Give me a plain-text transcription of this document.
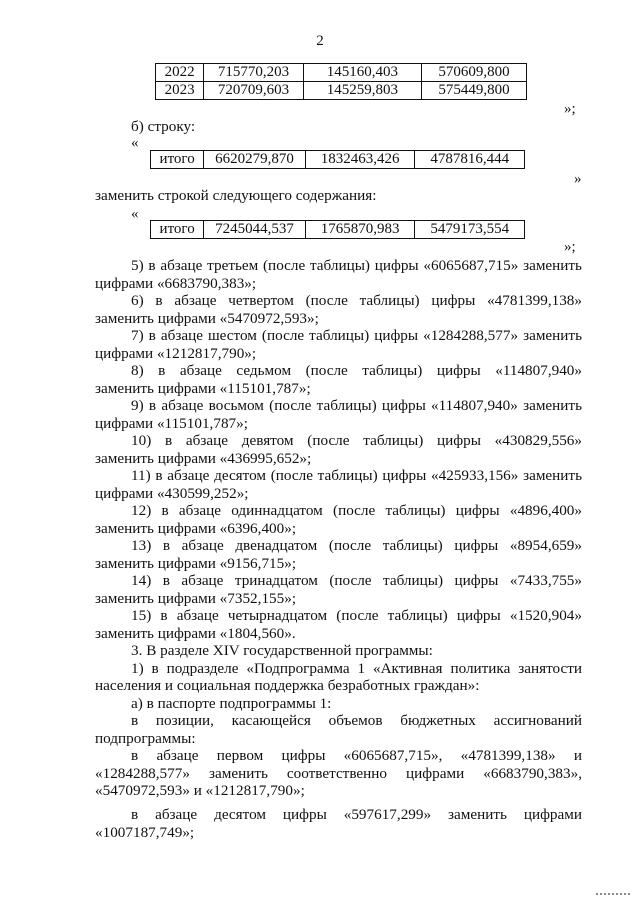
2
2022	715770,203	145160,403	570609,800
2023	720709,603	145259,803	575449,800
»;
б) строку:
«
итого	6620279,870	1832463,426	4787816,444
»
заменить строкой следующего содержания:
«
итого	7245044,537	1765870,983	5479173,554
»;
5) в абзаце третьем (после таблицы) цифры «6065687,715» заменить
цифрами «6683790,383»;
6) в абзаце четвертом (после таблицы) цифры «4781399,138»
заменить цифрами «5470972,593»;
7) в абзаце шестом (после таблицы) цифры «1284288,577» заменить
цифрами «1212817,790»;
8) в абзаце седьмом (после таблицы) цифры «114807,940»
заменить цифрами «115101,787»;
9) в абзаце восьмом (после таблицы) цифры «114807,940» заменить
цифрами «115101,787»;
10) в абзаце девятом (после таблицы) цифры «430829,556»
заменить цифрами «436995,652»;
11) в абзаце десятом (после таблицы) цифры «425933,156» заменить
цифрами «430599,252»;
12) в абзаце одиннадцатом (после таблицы) цифры «4896,400»
заменить цифрами «6396,400»;
13) в абзаце двенадцатом (после таблицы) цифры «8954,659»
заменить цифрами «9156,715»;
14) в абзаце тринадцатом (после таблицы) цифры «7433,755»
заменить цифрами «7352,155»;
15) в абзаце четырнадцатом (после таблицы) цифры «1520,904»
заменить цифрами «1804,560».
3. В разделе XIV государственной программы:
1) в подразделе «Подпрограмма 1 «Активная политика занятости
населения и социальная поддержка безработных граждан»:
а) в паспорте подпрограммы 1:
в позиции, касающейся объемов бюджетных ассигнований
подпрограммы:
в абзаце первом цифры «6065687,715», «4781399,138» и
«1284288,577» заменить соответственно цифрами «6683790,383»,
«5470972,593» и «1212817,790»;
в абзаце десятом цифры «597617,299» заменить цифрами
«1007187,749»;
